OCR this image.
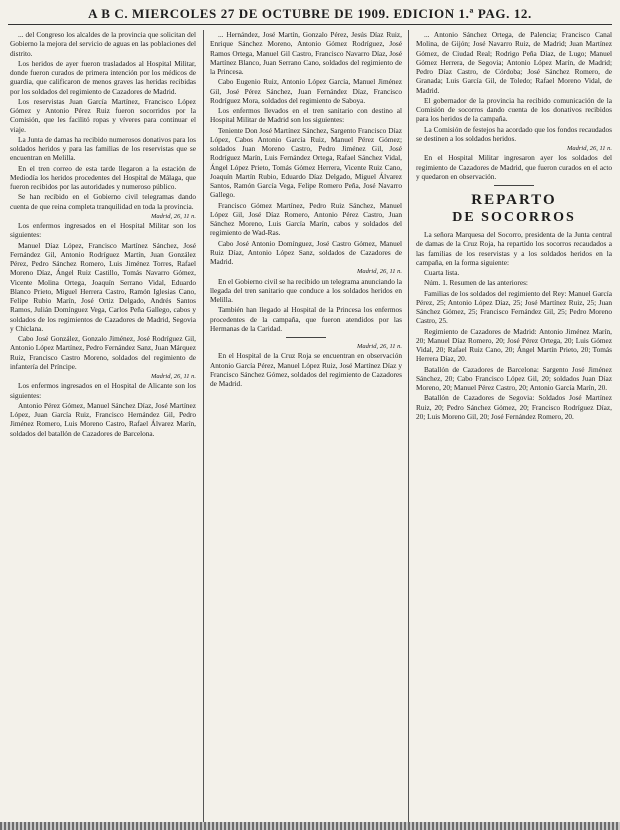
A B C. MIERCOLES 27 DE OCTUBRE DE 1909. EDICION 1.ª PAG. 12.

... del Congreso los alcaldes de la provincia que solicitan del Gobierno la mejora del servicio de aguas en las poblaciones del distrito.

Los heridos de ayer fueron trasladados al Hospital Militar, donde fueron curados de primera intención por los médicos de guardia, que calificaron de menos graves las heridas recibidas por los soldados del regimiento de Cazadores de Madrid.

Los reservistas Juan García Martínez, Francisco López Gómez y Antonio Pérez Ruiz fueron socorridos por la Comisión, que les facilitó ropas y víveres para continuar el viaje.

La Junta de damas ha recibido numerosos donativos para los soldados heridos y para las familias de los reservistas que se encuentran en Melilla.

En el tren correo de esta tarde llegaron a la estación de Mediodía los heridos procedentes del Hospital de Málaga, que fueron recibidos por las autoridades y numeroso público.

Se han recibido en el Gobierno civil telegramas dando cuenta de que reina completa tranquilidad en toda la provincia.

Madrid, 26, 11 n.

Los enfermos ingresados en el Hospital Militar son los siguientes:

Manuel Díaz López, Francisco Martínez Sánchez, José Fernández Gil, Antonio Rodríguez Martín, Juan González Pérez, Pedro Sánchez Romero, Luis Jiménez Torres, Rafael Moreno Díaz, Ángel Ruiz Castillo, Tomás Navarro Gómez, Vicente Molina Ortega, Joaquín Serrano Vidal, Eduardo Blanco Prieto, Miguel Herrera Castro, Ramón Iglesias Cano, Felipe Rubio Marín, José Ortiz Delgado, Andrés Santos Ramos, Julián Domínguez Vega, Carlos Peña Gallego, cabos y soldados de los regimientos de Cazadores de Madrid, Segovia y Chiclana.

Cabo José González, Gonzalo Jiménez, José Rodríguez Gil, Antonio López Martínez, Pedro Fernández Sanz, Juan Márquez Ruiz, Francisco Castro Moreno, soldados del regimiento de infantería del Príncipe.

Madrid, 26, 11 n.

Los enfermos ingresados en el Hospital de Alicante son los siguientes:

Antonio Pérez Gómez, Manuel Sánchez Díaz, José Martínez López, Juan García Ruiz, Francisco Hernández Gil, Pedro Jiménez Romero, Luis Moreno Castro, Rafael Álvarez Marín, soldados del batallón de Cazadores de Barcelona.

... Hernández, José Martín, Gonzalo Pérez, Jesús Díaz Ruiz, Enrique Sánchez Moreno, Antonio Gómez Rodríguez, José Ramos Ortega, Manuel Gil Castro, Francisco Navarro Díaz, José Martínez Blanco, Juan Serrano Cano, soldados del regimiento de la Princesa.

Cabo Eugenio Ruiz, Antonio López García, Manuel Jiménez Gil, José Pérez Sánchez, Juan Fernández Díaz, Francisco Rodríguez Mora, soldados del regimiento de Saboya.

Los enfermos llevados en el tren sanitario con destino al Hospital Militar de Madrid son los siguientes:

Teniente Don José Martínez Sánchez, Sargento Francisco Díaz López, Cabos Antonio García Ruiz, Manuel Pérez Gómez; soldados Juan Moreno Castro, Pedro Jiménez Gil, José Rodríguez Marín, Luis Fernández Ortega, Rafael Sánchez Vidal, Ángel López Prieto, Tomás Gómez Herrera, Vicente Ruiz Cano, Joaquín Martín Rubio, Eduardo Díaz Delgado, Miguel Álvarez Santos, Ramón García Vega, Felipe Romero Peña, José Navarro Gallego.

Francisco Gómez Martínez, Pedro Ruiz Sánchez, Manuel López Gil, José Díaz Romero, Antonio Pérez Castro, Juan Sánchez Moreno, Luis García Marín, cabos y soldados del regimiento de Wad-Ras.

Cabo José Antonio Domínguez, José Castro Gómez, Manuel Ruiz Díaz, Antonio López Sanz, soldados de Cazadores de Madrid.

Madrid, 26, 11 n.

En el Gobierno civil se ha recibido un telegrama anunciando la llegada del tren sanitario que conduce a los soldados heridos en Melilla.

También han llegado al Hospital de la Princesa los enfermos procedentes de la campaña, que fueron atendidos por las Hermanas de la Caridad.

Madrid, 26, 11 n.

En el Hospital de la Cruz Roja se encuentran en observación Antonio García Pérez, Manuel López Ruiz, José Martínez Díaz y Francisco Sánchez Gómez, soldados del regimiento de Cazadores de Madrid.

... Antonio Sánchez Ortega, de Palencia; Francisco Canal Molina, de Gijón; José Navarro Ruiz, de Madrid; Juan Martínez Gómez, de Ciudad Real; Rodrigo Peña Díaz, de Lugo; Manuel Gómez Herrera, de Segovia; Antonio López Marín, de Madrid; Pedro Díaz Castro, de Córdoba; José Sánchez Romero, de Granada; Luis García Gil, de Toledo; Rafael Moreno Vidal, de Madrid.

El gobernador de la provincia ha recibido comunicación de la Comisión de socorros dando cuenta de los donativos recibidos para los heridos de la campaña.

La Comisión de festejos ha acordado que los fondos recaudados se destinen a los soldados heridos.

Madrid, 26, 11 n.

En el Hospital Militar ingresaron ayer los soldados del regimiento de Cazadores de Madrid, que fueron curados en el acto y quedaron en observación.

REPARTO
DE SOCORROS

La señora Marquesa del Socorro, presidenta de la Junta central de damas de la Cruz Roja, ha repartido los socorros recaudados a las familias de los reservistas y a los soldados heridos en la campaña, en la forma siguiente:

Cuarta lista.

Núm. 1. Resumen de las anteriores:

Familias de los soldados del regimiento del Rey: Manuel García Pérez, 25; Antonio López Díaz, 25; José Martínez Ruiz, 25; Juan Sánchez Gómez, 25; Francisco Fernández Gil, 25; Pedro Moreno Castro, 25.

Regimiento de Cazadores de Madrid: Antonio Jiménez Marín, 20; Manuel Díaz Romero, 20; José Pérez Ortega, 20; Luis Gómez Vidal, 20; Rafael Ruiz Cano, 20; Ángel Martín Prieto, 20; Tomás Herrera Díaz, 20.

Batallón de Cazadores de Barcelona: Sargento José Jiménez Sánchez, 20; Cabo Francisco López Gil, 20; soldados Juan Díaz Moreno, 20; Manuel Pérez Castro, 20; Antonio García Marín, 20.

Batallón de Cazadores de Segovia: Soldados José Martínez Ruiz, 20; Pedro Sánchez Gómez, 20; Francisco Rodríguez Díaz, 20; Luis Moreno Gil, 20; José Fernández Romero, 20.
